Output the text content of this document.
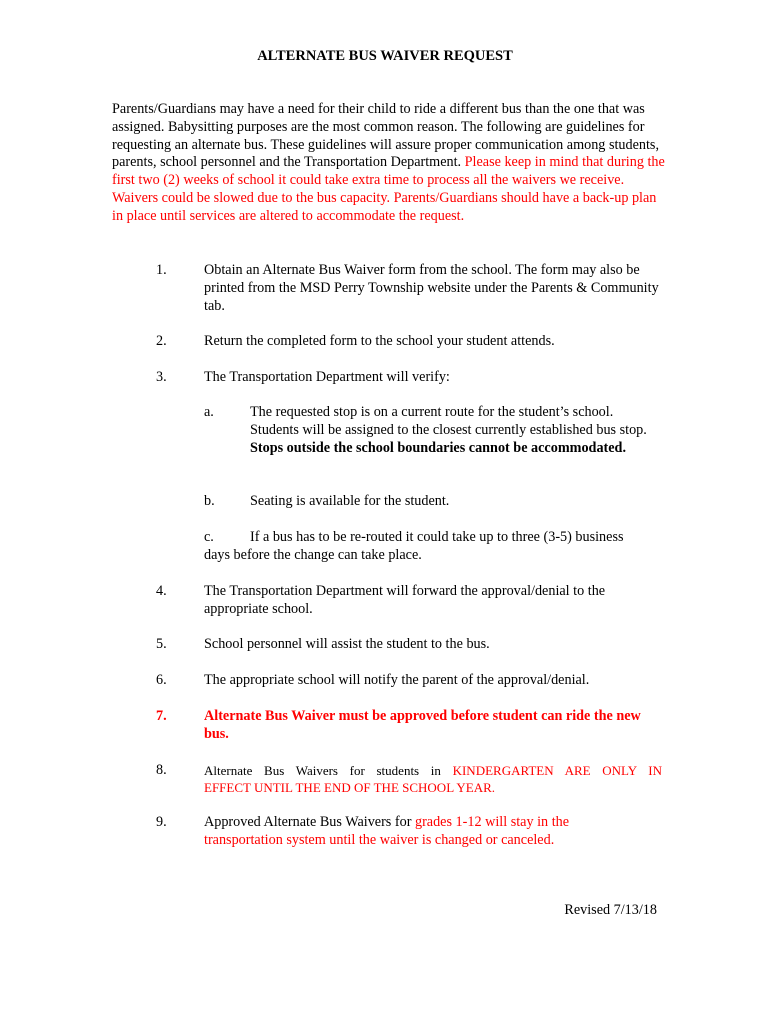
ALTERNATE BUS WAIVER REQUEST
Parents/Guardians may have a need for their child to ride a different bus than the one that was assigned. Babysitting purposes are the most common reason. The following are guidelines for requesting an alternate bus. These guidelines will assure proper communication among students, parents, school personnel and the Transportation Department. Please keep in mind that during the first two (2) weeks of school it could take extra time to process all the waivers we receive. Waivers could be slowed due to the bus capacity. Parents/Guardians should have a back-up plan in place until services are altered to accommodate the request.
1.	Obtain an Alternate Bus Waiver form from the school. The form may also be printed from the MSD Perry Township website under the Parents & Community tab.
2.	Return the completed form to the school your student attends.
3.	The Transportation Department will verify:
a.	The requested stop is on a current route for the student’s school. Students will be assigned to the closest currently established bus stop. Stops outside the school boundaries cannot be accommodated.
b. Seating is available for the student.
c.	If a bus has to be re-routed it could take up to three (3-5) business
days before the change can take place.
4.	The Transportation Department will forward the approval/denial to the appropriate school.
5.	School personnel will assist the student to the bus.
6.	The appropriate school will notify the parent of the approval/denial.
7.	Alternate Bus Waiver must be approved before student can ride the new bus.
8.	Alternate Bus Waivers for students in KINDERGARTEN ARE ONLY IN
EFFECT UNTIL THE END OF THE SCHOOL YEAR.
9.	Approved Alternate Bus Waivers for grades 1-12 will stay in the transportation system until the waiver is changed or canceled.
Revised 7/13/18
